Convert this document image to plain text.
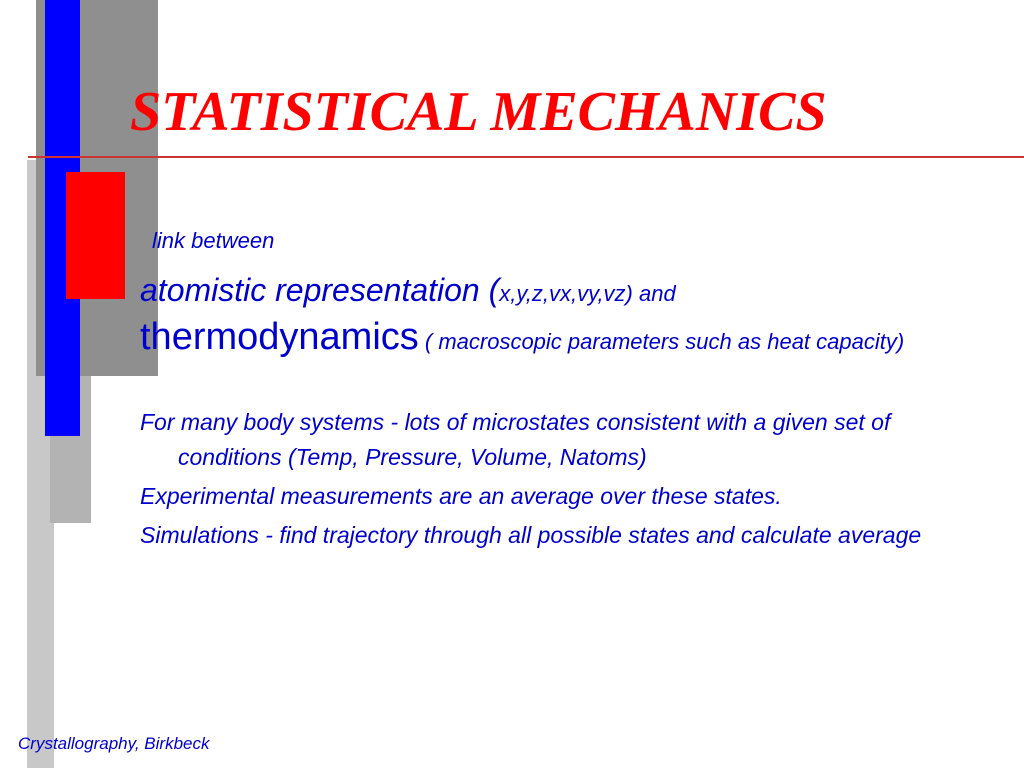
STATISTICAL MECHANICS

link between

atomistic representation (x,y,z,vx,vy,vz) and

thermodynamics ( macroscopic parameters such as heat capacity)

For many body systems - lots of microstates consistent with a given set of conditions (Temp, Pressure, Volume, Natoms)

Experimental measurements are an average over these states.

Simulations - find trajectory through all possible states and calculate average

Crystallography, Birkbeck
